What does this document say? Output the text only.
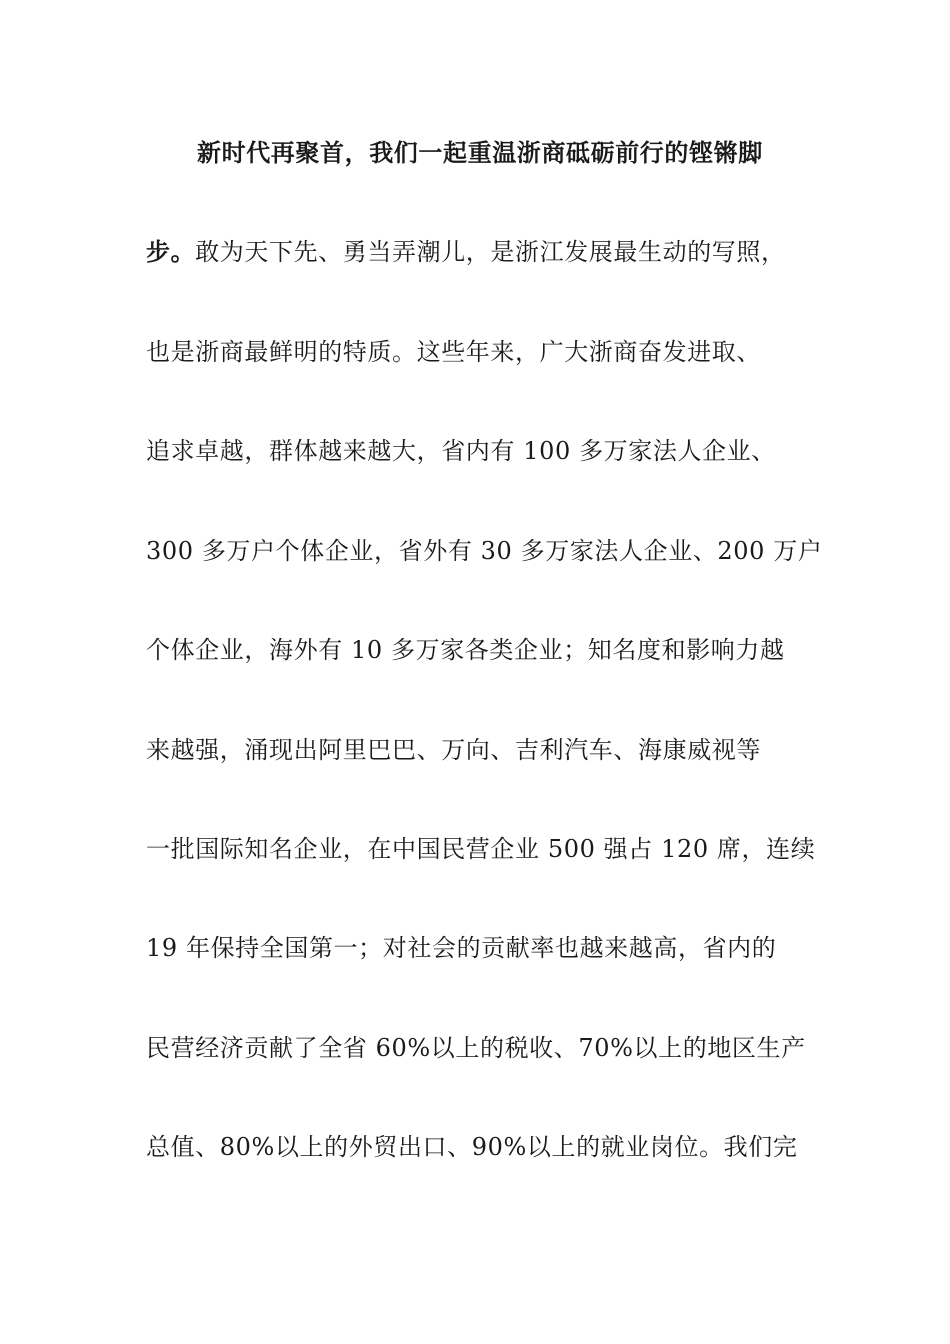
新时代再聚首，我们一起重温浙商砥砺前行的铿锵脚
步。敢为天下先、勇当弄潮儿，是浙江发展最生动的写照，
也是浙商最鲜明的特质。这些年来，广大浙商奋发进取、
追求卓越，群体越来越大，省内有 100 多万家法人企业、
300 多万户个体企业，省外有 30 多万家法人企业、200 万户
个体企业，海外有 10 多万家各类企业；知名度和影响力越
来越强，涌现出阿里巴巴、万向、吉利汽车、海康威视等
一批国际知名企业，在中国民营企业 500 强占 120 席，连续
19 年保持全国第一；对社会的贡献率也越来越高，省内的
民营经济贡献了全省 60%以上的税收、70%以上的地区生产
总值、80%以上的外贸出口、90%以上的就业岗位。我们完
